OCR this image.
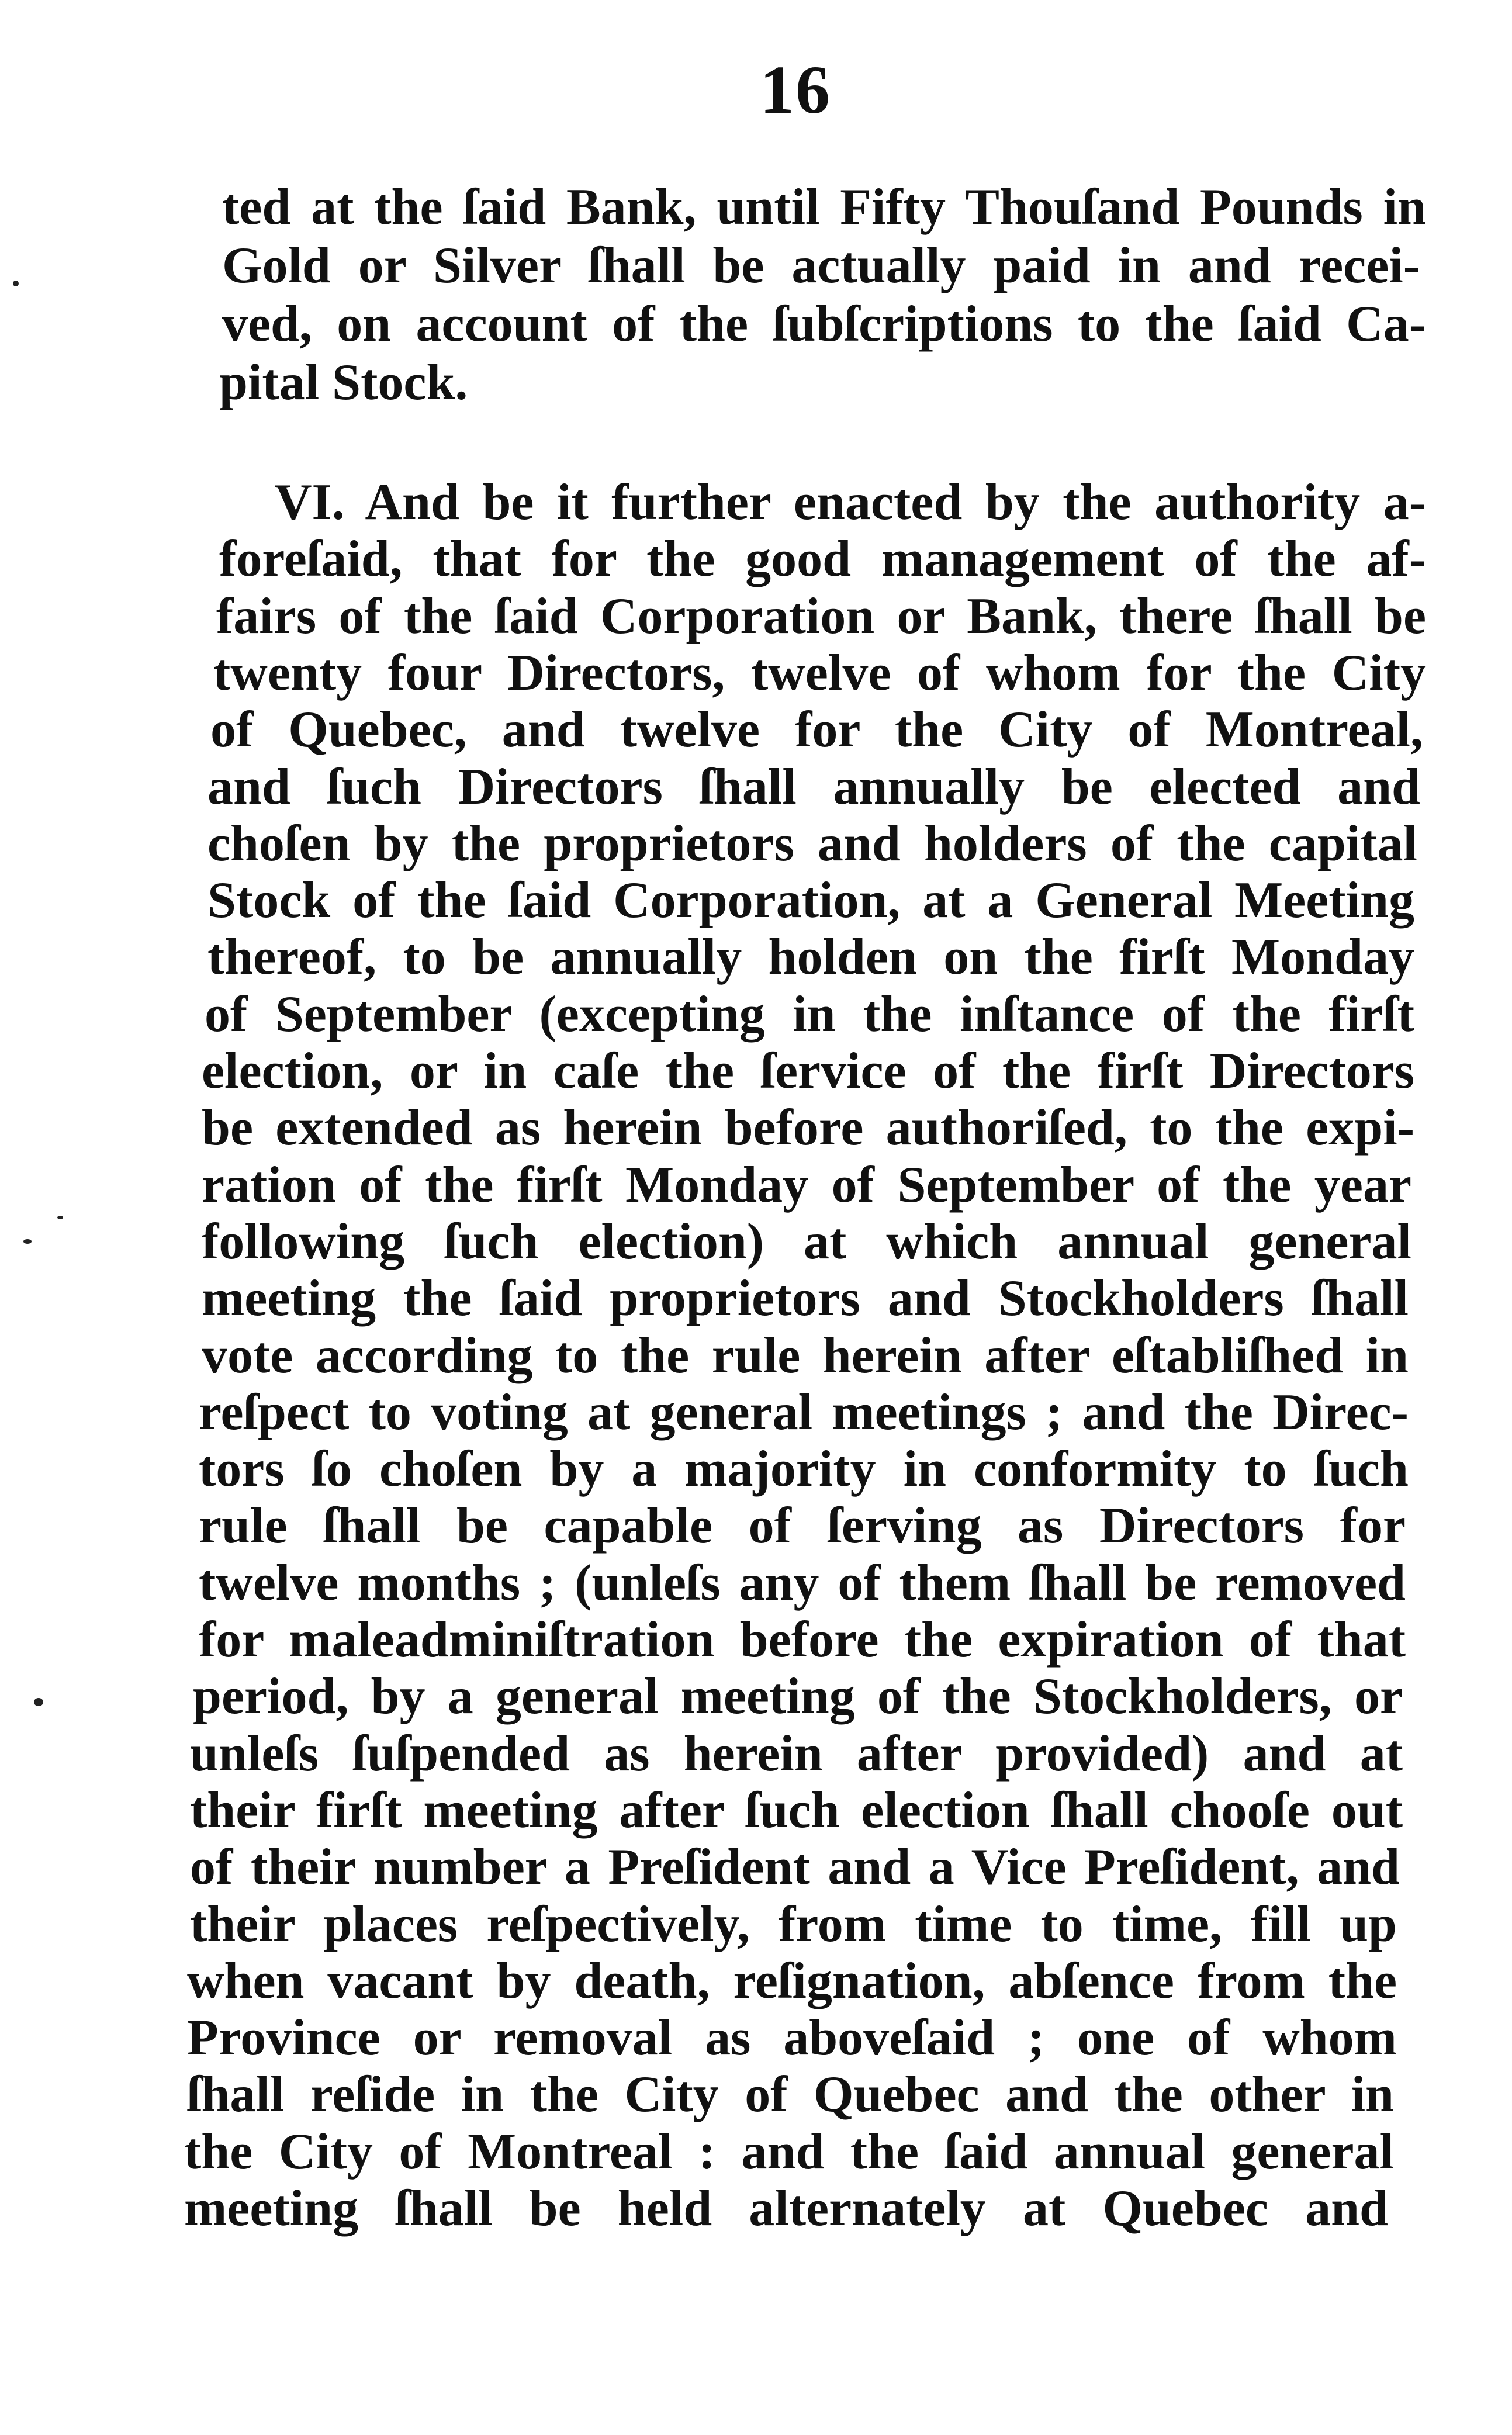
16
ted at the ſaid Bank, until Fifty Thouſand Pounds in
Gold or Silver ſhall be actually paid in and recei-
ved, on account of the ſubſcriptions to the ſaid Ca-
pital Stock.
VI. And be it further enacted by the authority a-
foreſaid, that for the good management of the af-
fairs of the ſaid Corporation or Bank, there ſhall be
twenty four Directors, twelve of whom for the City
of Quebec, and twelve for the City of Montreal,
and ſuch Directors ſhall annually be elected and
choſen by the proprietors and holders of the capital
Stock of the ſaid Corporation, at a General Meeting
thereof, to be annually holden on the firſt Monday
of September (excepting in the inſtance of the firſt
election, or in caſe the ſervice of the firſt Directors
be extended as herein before authoriſed, to the expi-
ration of the firſt Monday of September of the year
following ſuch election) at which annual general
meeting the ſaid proprietors and Stockholders ſhall
vote according to the rule herein after eſtabliſhed in
reſpect to voting at general meetings ; and the Direc-
tors ſo choſen by a majority in conformity to ſuch
rule ſhall be capable of ſerving as Directors for
twelve months ; (unleſs any of them ſhall be removed
for maleadminiſtration before the expiration of that
period, by a general meeting of the Stockholders, or
unleſs ſuſpended as herein after provided) and at
their firſt meeting after ſuch election ſhall chooſe out
of their number a Preſident and a Vice Preſident, and
their places reſpectively, from time to time, fill up
when vacant by death, reſignation, abſence from the
Province or removal as aboveſaid ; one of whom
ſhall reſide in the City of Quebec and the other in
the City of Montreal : and the ſaid annual general
meeting ſhall be held alternately at Quebec and
